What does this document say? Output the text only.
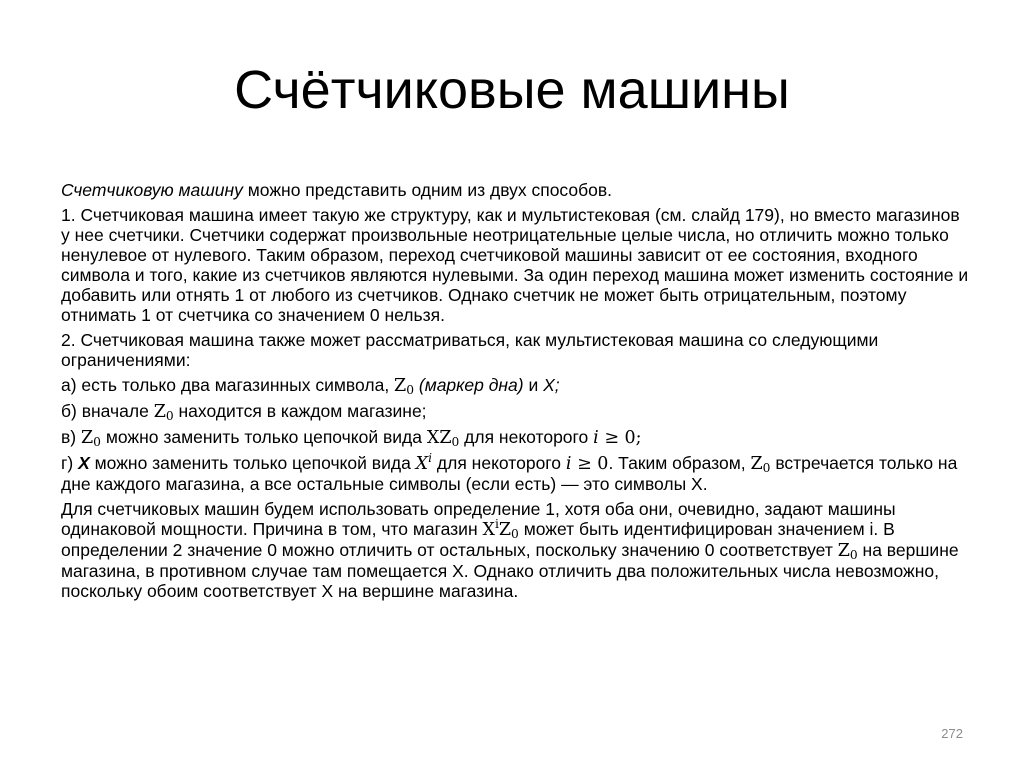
Счётчиковые машины

Счетчиковую машину можно представить одним из двух способов.

1. Счетчиковая машина имеет такую же структуру, как и мультистековая (см. слайд 179), но вместо магазинов у нее счетчики. Счетчики содержат произвольные неотрицательные целые числа, но отличить можно только ненулевое от нулевого. Таким образом, переход счетчиковой машины зависит от ее состояния, входного символа и того, какие из счетчиков являются нулевыми. За один переход машина может изменить состояние и добавить или отнять 1 от любого из счетчиков. Однако счетчик не может быть отрицательным, поэтому отнимать 1 от счетчика со значением 0 нельзя.

2. Счетчиковая машина также может рассматриваться, как мультистековая машина со следующими ограничениями:

а) есть только два магазинных символа, $Z_0$ (маркер дна) и X;

б) вначале $Z_0$ находится в каждом магазине;

в) $Z_0$ можно заменить только цепочкой вида $XZ_0$ для некоторого i ≥ 0;

г) X можно заменить только цепочкой вида $X^i$ для некоторого i ≥ 0. Таким образом, $Z_0$ встречается только на дне каждого магазина, а все остальные символы (если есть) — это символы X.

Для счетчиковых машин будем использовать определение 1, хотя оба они, очевидно, задают машины одинаковой мощности. Причина в том, что магазин $X^iZ_0$ может быть идентифицирован значением i. В определении 2 значение 0 можно отличить от остальных, поскольку значению 0 соответствует $Z_0$ на вершине магазина, в противном случае там помещается X. Однако отличить два положительных числа невозможно, поскольку обоим соответствует X на вершине магазина.

272
